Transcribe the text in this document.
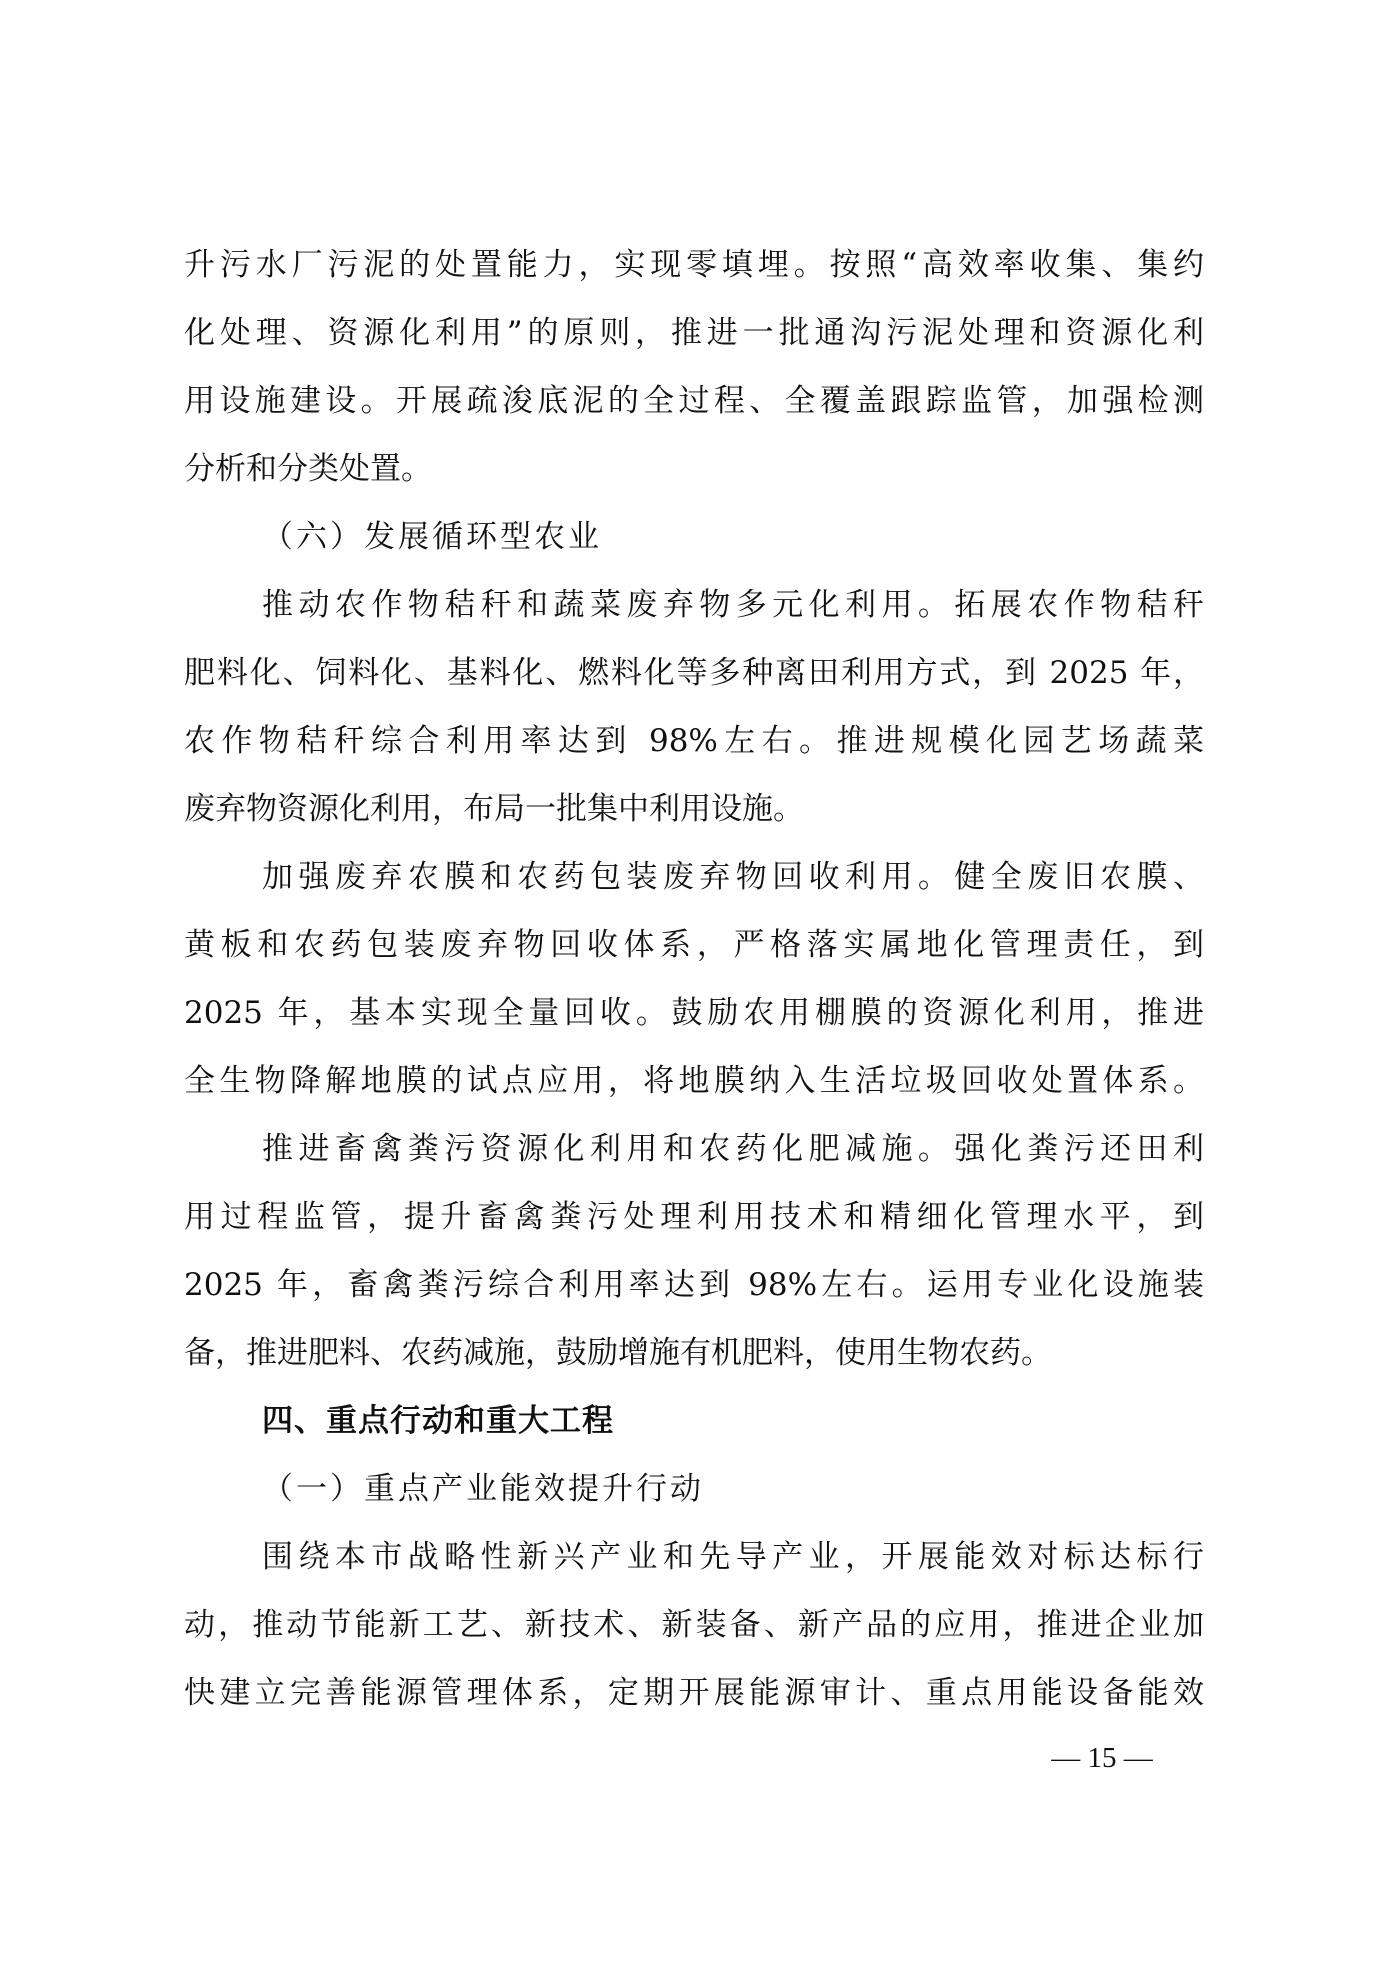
升污水厂污泥的处置能力，实现零填埋。按照“高效率收集、集约
化处理、资源化利用”的原则，推进一批通沟污泥处理和资源化利
用设施建设。开展疏浚底泥的全过程、全覆盖跟踪监管，加强检测
分析和分类处置。
（六）发展循环型农业
推动农作物秸秆和蔬菜废弃物多元化利用。拓展农作物秸秆
肥料化、饲料化、基料化、燃料化等多种离田利用方式，到 2025 年，
农作物秸秆综合利用率达到 98%左右。推进规模化园艺场蔬菜
废弃物资源化利用，布局一批集中利用设施。
加强废弃农膜和农药包装废弃物回收利用。健全废旧农膜、
黄板和农药包装废弃物回收体系，严格落实属地化管理责任，到
2025 年，基本实现全量回收。鼓励农用棚膜的资源化利用，推进
全生物降解地膜的试点应用，将地膜纳入生活垃圾回收处置体系。
推进畜禽粪污资源化利用和农药化肥减施。强化粪污还田利
用过程监管，提升畜禽粪污处理利用技术和精细化管理水平，到
2025 年，畜禽粪污综合利用率达到 98%左右。运用专业化设施装
备，推进肥料、农药减施，鼓励增施有机肥料，使用生物农药。
四、重点行动和重大工程
（一）重点产业能效提升行动
围绕本市战略性新兴产业和先导产业，开展能效对标达标行
动，推动节能新工艺、新技术、新装备、新产品的应用，推进企业加
快建立完善能源管理体系，定期开展能源审计、重点用能设备能效
— 15 —
